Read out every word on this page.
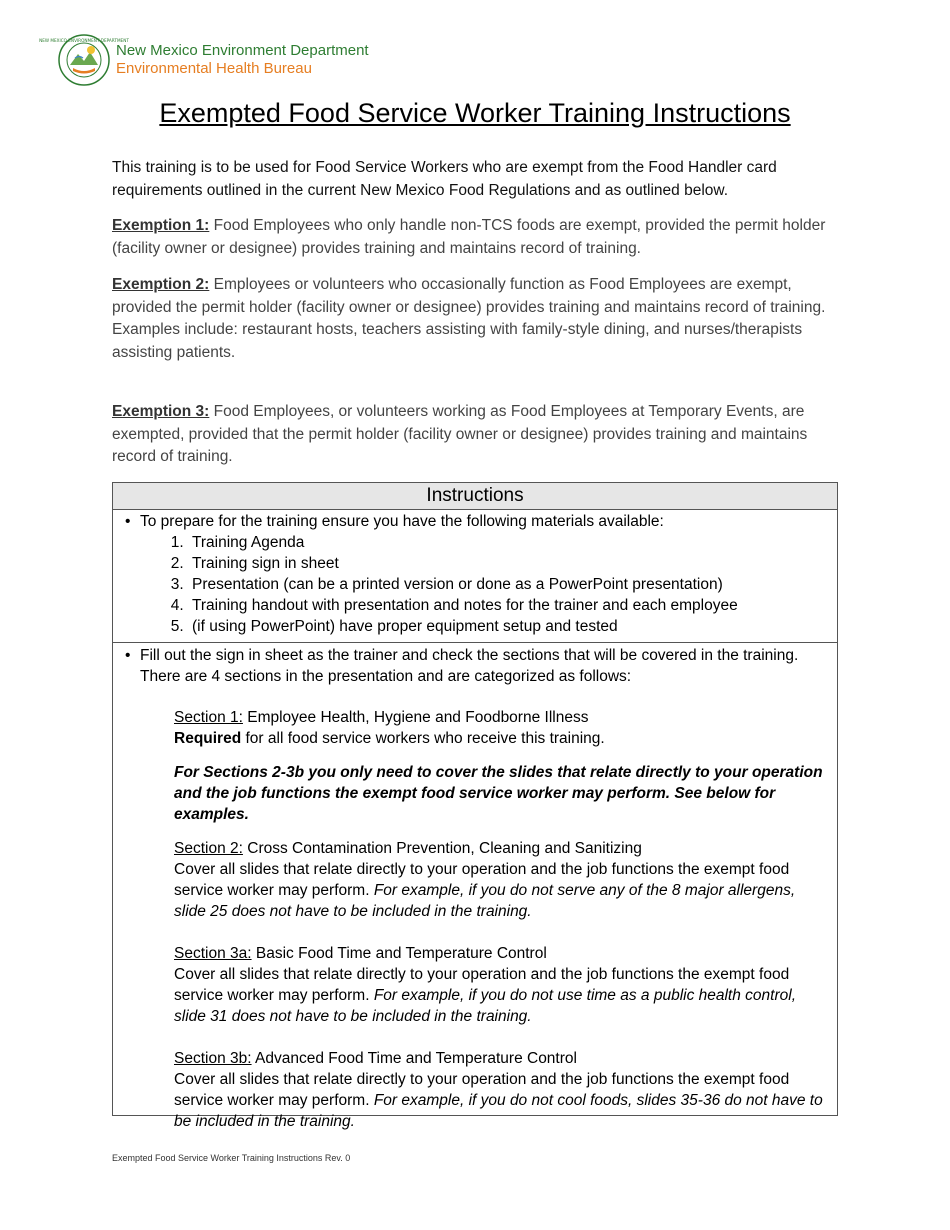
NEW MEXICO ENVIRONMENT DEPARTMENT
New Mexico Environment Department
Environmental Health Bureau
Exempted Food Service Worker Training Instructions
This training is to be used for Food Service Workers who are exempt from the Food Handler card requirements outlined in the current New Mexico Food Regulations and as outlined below.
Exemption 1: Food Employees who only handle non-TCS foods are exempt, provided the permit holder (facility owner or designee) provides training and maintains record of training.
Exemption 2: Employees or volunteers who occasionally function as Food Employees are exempt, provided the permit holder (facility owner or designee) provides training and maintains record of training.
Examples include: restaurant hosts, teachers assisting with family-style dining, and nurses/therapists assisting patients.
Exemption 3: Food Employees, or volunteers working as Food Employees at Temporary Events, are exempted, provided that the permit holder (facility owner or designee) provides training and maintains record of training.
Instructions
• To prepare for the training ensure you have the following materials available:
1. Training Agenda
2. Training sign in sheet
3. Presentation (can be a printed version or done as a PowerPoint presentation)
4. Training handout with presentation and notes for the trainer and each employee
5. (if using PowerPoint) have proper equipment setup and tested
• Fill out the sign in sheet as the trainer and check the sections that will be covered in the training. There are 4 sections in the presentation and are categorized as follows:
Section 1: Employee Health, Hygiene and Foodborne Illness
Required for all food service workers who receive this training.
For Sections 2-3b you only need to cover the slides that relate directly to your operation and the job functions the exempt food service worker may perform. See below for examples.
Section 2: Cross Contamination Prevention, Cleaning and Sanitizing
Cover all slides that relate directly to your operation and the job functions the exempt food service worker may perform. For example, if you do not serve any of the 8 major allergens, slide 25 does not have to be included in the training.
Section 3a: Basic Food Time and Temperature Control
Cover all slides that relate directly to your operation and the job functions the exempt food service worker may perform. For example, if you do not use time as a public health control, slide 31 does not have to be included in the training.
Section 3b: Advanced Food Time and Temperature Control
Cover all slides that relate directly to your operation and the job functions the exempt food service worker may perform. For example, if you do not cool foods, slides 35-36 do not have to be included in the training.
Exempted Food Service Worker Training Instructions Rev. 0
